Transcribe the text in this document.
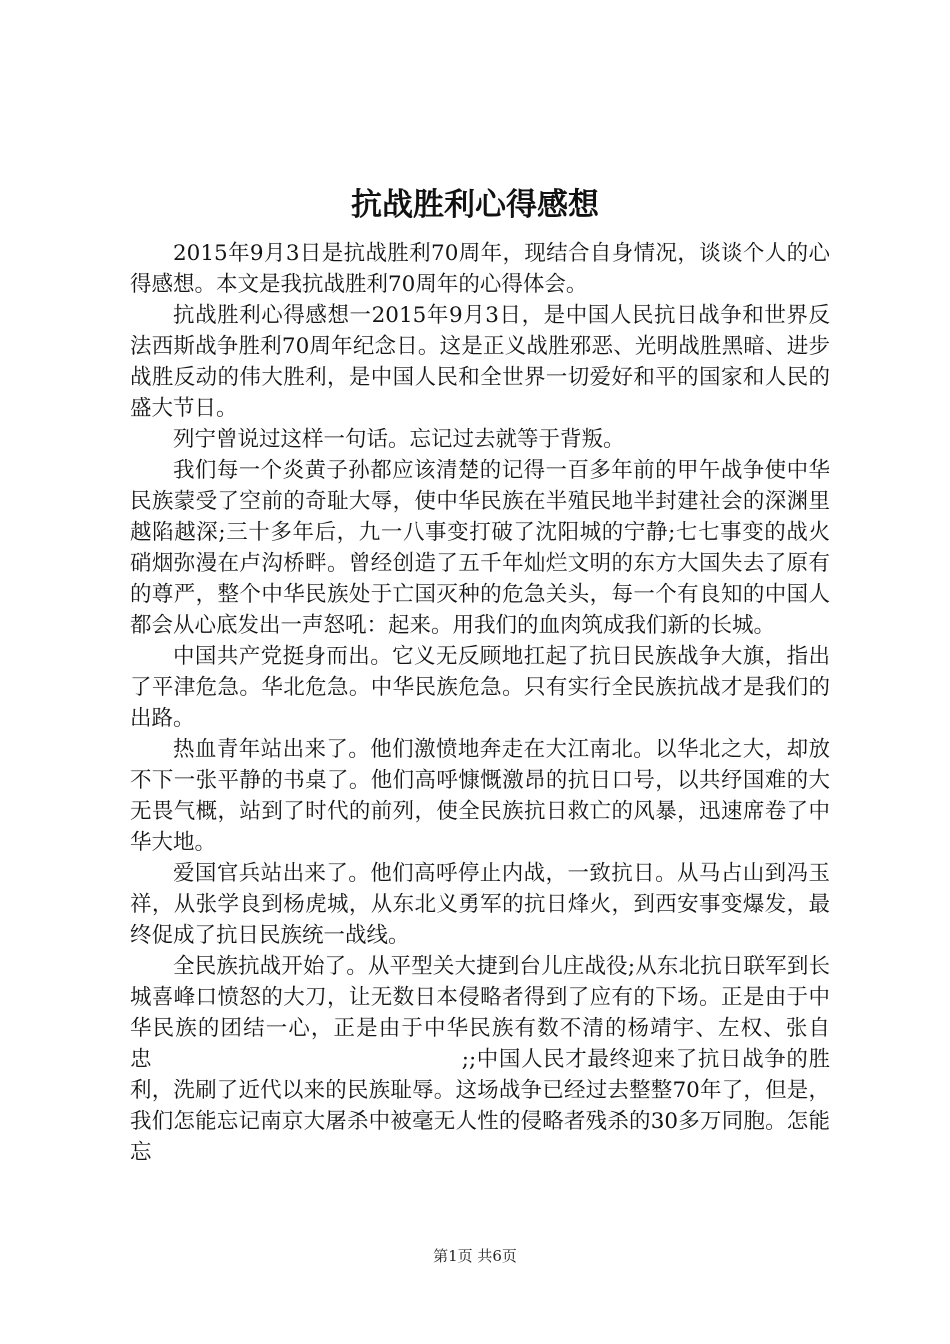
抗战胜利心得感想

2015年9月3日是抗战胜利70周年，现结合自身情况，谈谈个人的心得感想。本文是我抗战胜利70周年的心得体会。

抗战胜利心得感想一2015年9月3日，是中国人民抗日战争和世界反法西斯战争胜利70周年纪念日。这是正义战胜邪恶、光明战胜黑暗、进步战胜反动的伟大胜利，是中国人民和全世界一切爱好和平的国家和人民的盛大节日。

列宁曾说过这样一句话。忘记过去就等于背叛。

我们每一个炎黄子孙都应该清楚的记得一百多年前的甲午战争使中华民族蒙受了空前的奇耻大辱，使中华民族在半殖民地半封建社会的深渊里越陷越深;三十多年后，九一八事变打破了沈阳城的宁静;七七事变的战火硝烟弥漫在卢沟桥畔。曾经创造了五千年灿烂文明的东方大国失去了原有的尊严，整个中华民族处于亡国灭种的危急关头，每一个有良知的中国人都会从心底发出一声怒吼：起来。用我们的血肉筑成我们新的长城。

中国共产党挺身而出。它义无反顾地扛起了抗日民族战争大旗，指出了平津危急。华北危急。中华民族危急。只有实行全民族抗战才是我们的出路。

热血青年站出来了。他们激愤地奔走在大江南北。以华北之大，却放不下一张平静的书桌了。他们高呼慷慨激昂的抗日口号，以共纾国难的大无畏气概，站到了时代的前列，使全民族抗日救亡的风暴，迅速席卷了中华大地。

爱国官兵站出来了。他们高呼停止内战，一致抗日。从马占山到冯玉祥，从张学良到杨虎城，从东北义勇军的抗日烽火，到西安事变爆发，最终促成了抗日民族统一战线。

全民族抗战开始了。从平型关大捷到台儿庄战役;从东北抗日联军到长城喜峰口愤怒的大刀，让无数日本侵略者得到了应有的下场。正是由于中华民族的团结一心，正是由于中华民族有数不清的杨靖宇、左权、张自忠　　　　　　　　　　　　　　;;中国人民才最终迎来了抗日战争的胜利，洗刷了近代以来的民族耻辱。这场战争已经过去整整70年了，但是，我们怎能忘记南京大屠杀中被毫无人性的侵略者残杀的30多万同胞。怎能忘

第1页 共6页
